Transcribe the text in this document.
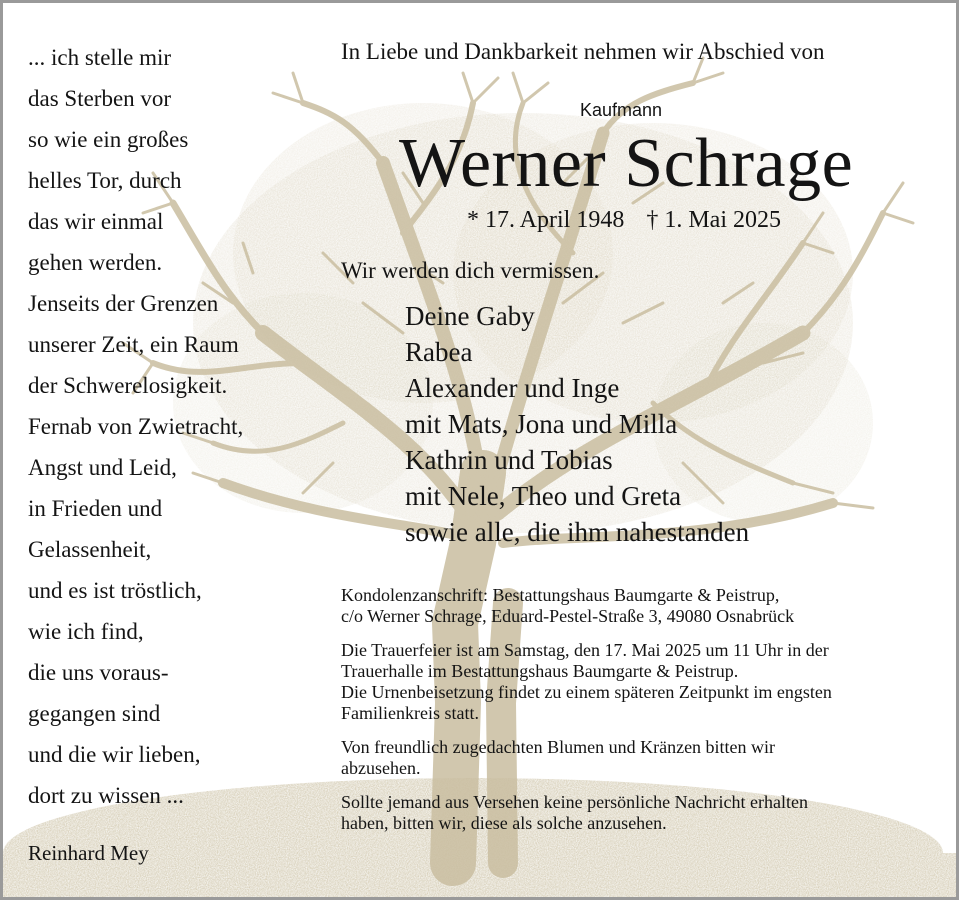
... ich stelle mir
das Sterben vor
so wie ein großes
helles Tor, durch
das wir einmal
gehen werden.
Jenseits der Grenzen
unserer Zeit, ein Raum
der Schwerelosigkeit.
Fernab von Zwietracht,
Angst und Leid,
in Frieden und
Gelassenheit,
und es ist tröstlich,
wie ich find,
die uns voraus-
gegangen sind
und die wir lieben,
dort zu wissen ...
Reinhard Mey
In Liebe und Dankbarkeit nehmen wir Abschied von
Kaufmann
Werner Schrage
* 17. April 1948 † 1. Mai 2025
Wir werden dich vermissen.
Deine Gaby
Rabea
Alexander und Inge
mit Mats, Jona und Milla
Kathrin und Tobias
mit Nele, Theo und Greta
sowie alle, die ihm nahestanden

Kondolenzanschrift: Bestattungshaus Baumgarte & Peistrup,
c/o Werner Schrage, Eduard-Pestel-Straße 3, 49080 Osnabrück

Die Trauerfeier ist am Samstag, den 17. Mai 2025 um 11 Uhr in der
Trauerhalle im Bestattungshaus Baumgarte & Peistrup.
Die Urnenbeisetzung findet zu einem späteren Zeitpunkt im engsten
Familienkreis statt.

Von freundlich zugedachten Blumen und Kränzen bitten wir
abzusehen.

Sollte jemand aus Versehen keine persönliche Nachricht erhalten
haben, bitten wir, diese als solche anzusehen.
